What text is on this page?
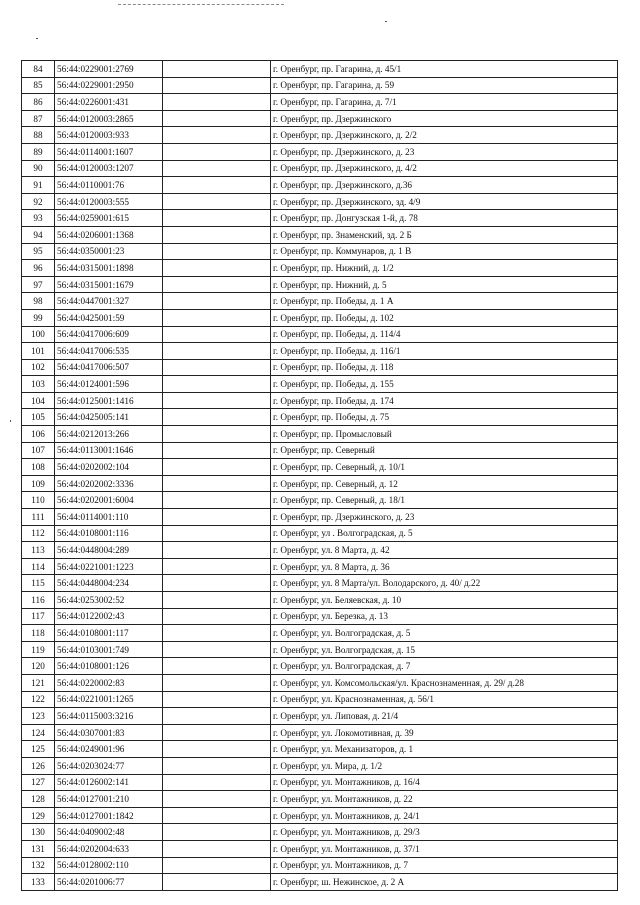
84	56:44:0229001:2769		г. Оренбург, пр. Гагарина, д. 45/1
85	56:44:0229001:2950		г. Оренбург, пр. Гагарина, д. 59
86	56:44:0226001:431		г. Оренбург, пр. Гагарина, д. 7/1
87	56:44:0120003:2865		г. Оренбург, пр. Дзержинского
88	56:44:0120003:933		г. Оренбург, пр. Дзержинского, д. 2/2
89	56:44:0114001:1607		г. Оренбург, пр. Дзержинского, д. 23
90	56:44:0120003:1207		г. Оренбург, пр. Дзержинского, д. 4/2
91	56:44:0110001:76		г. Оренбург, пр. Дзержинского, д.36
92	56:44:0120003:555		г. Оренбург, пр. Дзержинского, зд. 4/9
93	56:44:0259001:615		г. Оренбург, пр. Донгузская 1-й, д. 78
94	56:44:0206001:1368		г. Оренбург, пр. Знаменский, зд. 2 Б
95	56:44:0350001:23		г. Оренбург, пр. Коммунаров, д. 1 В
96	56:44:0315001:1898		г. Оренбург, пр. Нижний, д. 1/2
97	56:44:0315001:1679		г. Оренбург, пр. Нижний, д. 5
98	56:44:0447001:327		г. Оренбург, пр. Победы, д. 1 А
99	56:44:0425001:59		г. Оренбург, пр. Победы, д. 102
100	56:44:0417006:609		г. Оренбург, пр. Победы, д. 114/4
101	56:44:0417006:535		г. Оренбург, пр. Победы, д. 116/1
102	56:44:0417006:507		г. Оренбург, пр. Победы, д. 118
103	56:44:0124001:596		г. Оренбург, пр. Победы, д. 155
104	56:44:0125001:1416		г. Оренбург, пр. Победы, д. 174
105	56:44:0425005:141		г. Оренбург, пр. Победы, д. 75
106	56:44:0212013:266		г. Оренбург, пр. Промысловый
107	56:44:0113001:1646		г. Оренбург, пр. Северный
108	56:44:0202002:104		г. Оренбург, пр. Северный, д. 10/1
109	56:44:0202002:3336		г. Оренбург, пр. Северный, д. 12
110	56:44:0202001:6004		г. Оренбург, пр. Северный, д. 18/1
111	56:44:0114001:110		г. Оренбург, пр. Дзержинского, д. 23
112	56:44:0108001:116		г. Оренбург, ул . Волгоградская, д. 5
113	56:44:0448004:289		г. Оренбург, ул. 8 Марта, д. 42
114	56:44:0221001:1223		г. Оренбург, ул. 8 Марта, д. 36
115	56:44:0448004:234		г. Оренбург, ул. 8 Марта/ул. Володарского, д. 40/ д.22
116	56:44:0253002:52		г. Оренбург, ул. Беляевская, д. 10
117	56:44:0122002:43		г. Оренбург, ул. Березка, д. 13
118	56:44:0108001:117		г. Оренбург, ул. Волгоградская, д. 5
119	56:44:0103001:749		г. Оренбург, ул. Волгоградская, д. 15
120	56:44:0108001:126		г. Оренбург, ул. Волгоградская, д. 7
121	56:44:0220002:83		г. Оренбург, ул. Комсомольская/ул. Краснознаменная, д. 29/ д.28
122	56:44:0221001:1265		г. Оренбург, ул. Краснознаменная, д. 56/1
123	56:44:0115003:3216		г. Оренбург, ул. Липовая, д. 21/4
124	56:44:0307001:83		г. Оренбург, ул. Локомотивная, д. 39
125	56:44:0249001:96		г. Оренбург, ул. Механизаторов, д. 1
126	56:44:0203024:77		г. Оренбург, ул. Мира, д. 1/2
127	56:44:0126002:141		г. Оренбург, ул. Монтажников, д. 16/4
128	56:44:0127001:210		г. Оренбург, ул. Монтажников, д. 22
129	56:44:0127001:1842		г. Оренбург, ул. Монтажников, д. 24/1
130	56:44:0409002:48		г. Оренбург, ул. Монтажников, д. 29/3
131	56:44:0202004:633		г. Оренбург, ул. Монтажников, д. 37/1
132	56:44:0128002:110		г. Оренбург, ул. Монтажников, д. 7
133	56:44:0201006:77		г. Оренбург, ш. Нежинское, д. 2 А
